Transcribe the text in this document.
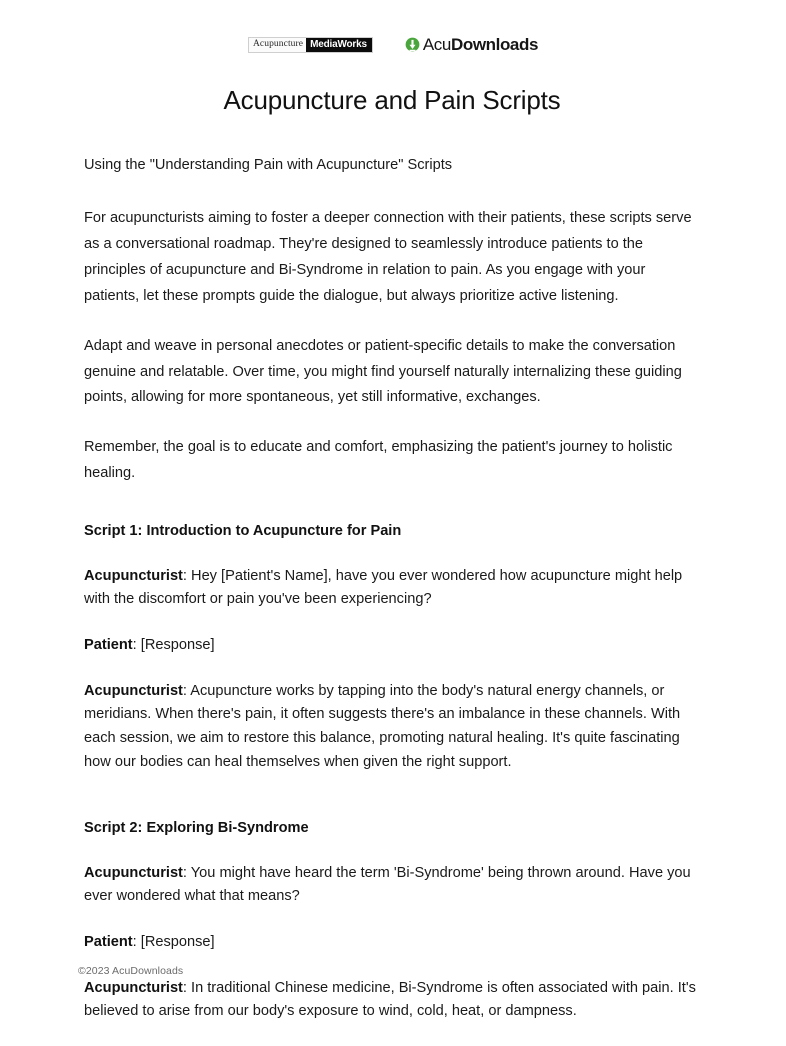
Acupuncture MediaWorks	AcuDownloads
Acupuncture and Pain Scripts

Using the "Understanding Pain with Acupuncture" Scripts

For acupuncturists aiming to foster a deeper connection with their patients, these scripts serve as a conversational roadmap. They're designed to seamlessly introduce patients to the principles of acupuncture and Bi-Syndrome in relation to pain. As you engage with your patients, let these prompts guide the dialogue, but always prioritize active listening.

Adapt and weave in personal anecdotes or patient-specific details to make the conversation genuine and relatable. Over time, you might find yourself naturally internalizing these guiding points, allowing for more spontaneous, yet still informative, exchanges.

Remember, the goal is to educate and comfort, emphasizing the patient's journey to holistic healing.

Script 1: Introduction to Acupuncture for Pain

Acupuncturist: Hey [Patient's Name], have you ever wondered how acupuncture might help with the discomfort or pain you've been experiencing?

Patient: [Response]

Acupuncturist: Acupuncture works by tapping into the body's natural energy channels, or meridians. When there's pain, it often suggests there's an imbalance in these channels. With each session, we aim to restore this balance, promoting natural healing. It's quite fascinating how our bodies can heal themselves when given the right support.

Script 2: Exploring Bi-Syndrome

Acupuncturist: You might have heard the term 'Bi-Syndrome' being thrown around. Have you ever wondered what that means?

Patient: [Response]

Acupuncturist: In traditional Chinese medicine, Bi-Syndrome is often associated with pain. It's believed to arise from our body's exposure to wind, cold, heat, or dampness.

©2023 AcuDownloads
